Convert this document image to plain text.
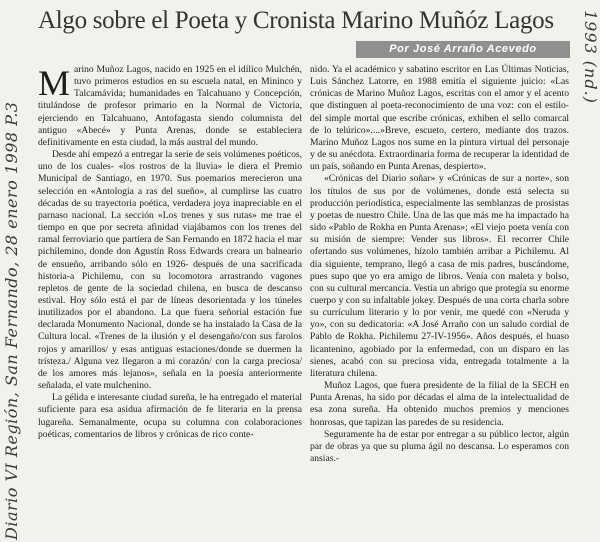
Algo sobre el Poeta y Cronista Marino Muñóz Lagos
Por José Arraño Acevedo

Marino Muñoz Lagos, nacido en 1925 en el idílico Mulchén, tuvo primeros estudios en su escuela natal, en Mininco y Talcamávida; humanidades en Talcahuano y Concepción, titulándose de profesor primario en la Normal de Victoria, ejerciendo en Talcahuano, Antofagasta siendo columnista del antiguo «Abecé» y Punta Arenas, donde se estableciera definitivamente en esta ciudad, la más austral del mundo.

Desde ahí empezó a entregar la serie de seis volúmenes poéticos, uno de los cuales- «los rostros de la lluvia» le diera el Premio Municipal de Santiago, en 1970. Sus poemarios merecieron una selección en «Antología a ras del sueño», al cumplirse las cuatro décadas de su trayectoria poética, verdadera joya inapreciable en el parnaso nacional. La sección «Los trenes y sus rutas» me trae el tiempo en que por secreta afinidad viajábamos con los trenes del ramal ferroviario que partiera de San Fernando en 1872 hacia el mar pichilemino, donde don Agustín Ross Edwards creara un balneario de ensueño, arribando sólo en 1926- después de una sacrificada historia-a Pichilemu, con su locomotora arrastrando vagones repletos de gente de la sociedad chilena, en busca de descanso estival. Hoy sólo está el par de líneas desorientada y los túneles inutilizados por el abandono. La que fuera señorial estación fue declarada Monumento Nacional, donde se ha instalado la Casa de la Cultura local. «Trenes de la ilusión y el desengaño/con sus farolos rojos y amarillos/ y esas antiguas estaciones/donde se duermen la tristeza./ Alguna vez llegaron a mi corazón/ con la carga preciosa/ de los amores más lejanos», señala en la poesía anteriormente señalada, el vate mulchenino.

La gélida e interesante ciudad sureña, le ha entregado el material suficiente para esa asidua afirmación de fe literaria en la prensa lugareña. Semanalmente, ocupa su columna con colaboraciones poéticas, comentarios de libros y crónicas de rico conte-

nido. Ya el académico y sabatino escritor en Las Últimas Noticias, Luis Sánchez Latorre, en 1988 emitía el siguiente juicio: «Las crónicas de Marino Muñoz Lagos, escritas con el amor y el acento que distinguen al poeta-reconocimiento de una voz: con el estilo-del simple mortal que escribe crónicas, exhiben el sello comarcal de lo telúrico»....»Breve, escueto, certero, mediante dos trazos. Marino Muñoz Lagos nos sume en la pintura virtual del personaje y de su anécdota. Extraordinaria forma de recuperar la identidad de un país, soñando en Punta Arenas, despierto».

«Crónicas del Diario soñar» y «Crónicas de sur a norte», son los títulos de sus por de volúmenes, donde está selecta su producción periodística, especialmente las semblanzas de prosistas y poetas de nuestro Chile. Una de las que más me ha impactado ha sido «Pablo de Rokha en Punta Arenas»; «El viejo poeta venía con su misión de siempre: Vender sus libros». El recorrer Chile ofertando sus volúmenes, hízolo también arribar a Pichilemu. Al día siguiente, temprano, llegó a casa de mis padres, buscándome, pues supo que yo era amigo de libros. Venía con maleta y bolso, con su cultural mercancía. Vestía un abrigo que protegía su enorme cuerpo y con su infaltable jokey. Después de una corta charla sobre su currículum literario y lo por venir, me quedé con «Neruda y yo», con su dedicatoria: «A José Arraño con un saludo cordial de Pablo de Rokha. Pichilemu 27-IV-1956». Años después, el huaso licantenino, agobiado por la enfermedad, con un disparo en las sienes, acabó con su preciosa vida, entregada totalmente a la literatura chilena.

Muñoz Lagos, que fuera presidente de la filial de la SECH en Punta Arenas, ha sido por décadas el alma de la intelectualidad de esa zona sureña. Ha obtenido muchos premios y menciones honrosas, que tapizan las paredes de su residencia.

Seguramente ha de estar por entregar a su público lector, algún par de obras ya que su pluma ágil no descansa. Lo esperamos con ansias.-

Diario VI Región, San Fernando, 28 enero 1998 P.3
1993 (nd.)
